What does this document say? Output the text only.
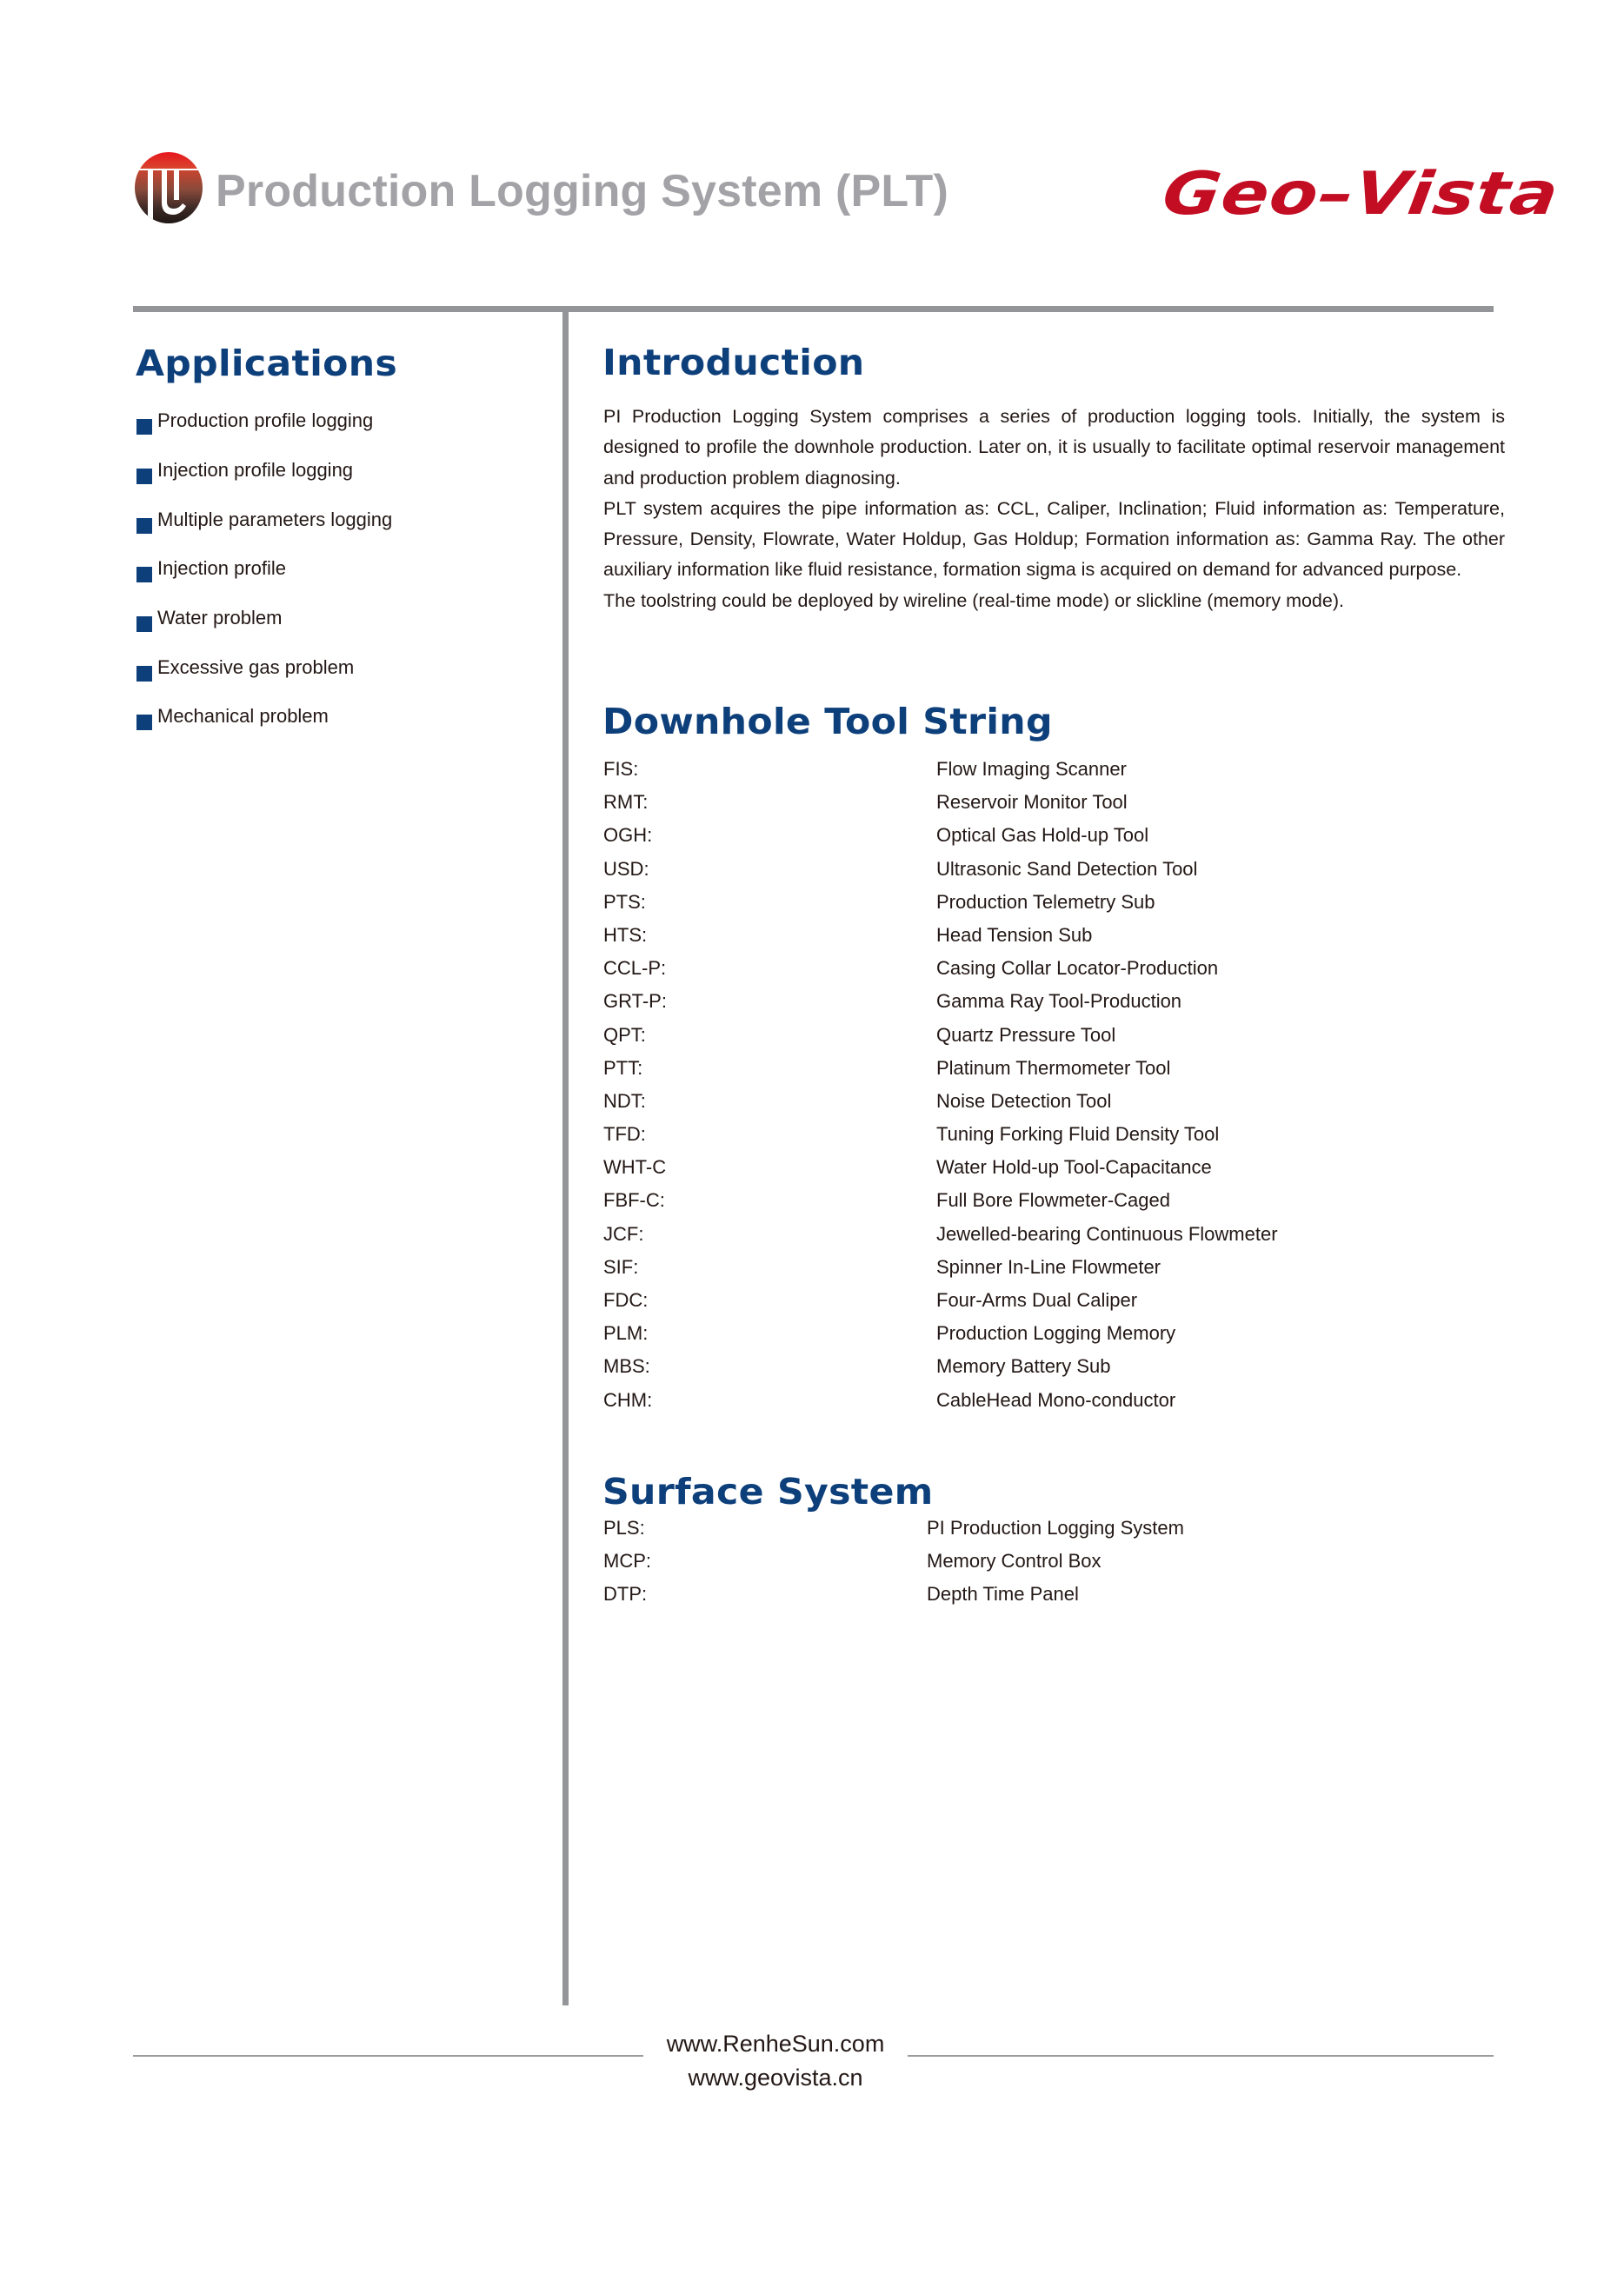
Production Logging System (PLT)	Geo–Vista
Applications
Production profile logging
Injection profile logging
Multiple parameters logging
Injection profile
Water problem
Excessive gas problem
Mechanical problem
Introduction

PI Production Logging System comprises a series of production logging tools. Initially, the system is designed to profile the downhole production. Later on, it is usually to facilitate optimal reservoir management and production problem diagnosing.

PLT system acquires the pipe information as: CCL, Caliper, Inclination; Fluid information as: Temperature, Pressure, Density, Flowrate, Water Holdup, Gas Holdup; Formation information as: Gamma Ray. The other auxiliary information like fluid resistance, formation sigma is acquired on demand for advanced purpose.

The toolstring could be deployed by wireline (real-time mode) or slickline (memory mode).

Downhole Tool String
FIS:	Flow Imaging Scanner
RMT:	Reservoir Monitor Tool
OGH:	Optical Gas Hold-up Tool
USD:	Ultrasonic Sand Detection Tool
PTS:	Production Telemetry Sub
HTS:	Head Tension Sub
CCL-P:	Casing Collar Locator-Production
GRT-P:	Gamma Ray Tool-Production
QPT:	Quartz Pressure Tool
PTT:	Platinum Thermometer Tool
NDT:	Noise Detection Tool
TFD:	Tuning Forking Fluid Density Tool
WHT-C	Water Hold-up Tool-Capacitance
FBF-C:	Full Bore Flowmeter-Caged
JCF:	Jewelled-bearing Continuous Flowmeter
SIF:	Spinner In-Line Flowmeter
FDC:	Four-Arms Dual Caliper
PLM:	Production Logging Memory
MBS:	Memory Battery Sub
CHM:	CableHead Mono-conductor
Surface System
PLS:	PI Production Logging System
MCP:	Memory Control Box
DTP:	Depth Time Panel
www.RenheSun.com
www.geovista.cn
